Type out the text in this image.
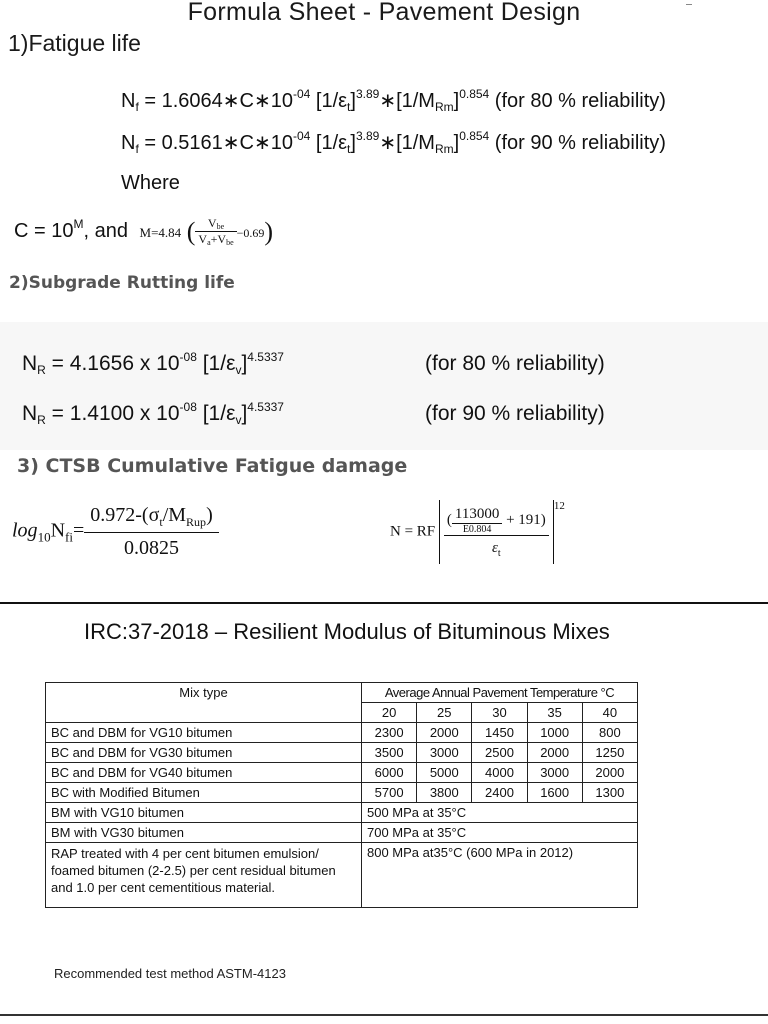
Formula Sheet - Pavement Design
1)Fatigue life
$N_f$ = $1.6064∗C∗10^{-04}$ $[1/\varepsilon_t]^{3.89}∗[1/M_{Rm}]^{0.854}$ (for 80 % reliability)
$N_f$ = $0.5161∗C∗10^{-04}$ $[1/\varepsilon_t]^{3.89}∗[1/M_{Rm}]^{0.854}$ (for 90 % reliability)
Where
$C = 10^M$, and M=4.84 ( $\frac{V_{be}}{V_a+V_{be}} -0.69$)
2)Subgrade Rutting life
$N_R = 4.1656$ x $10^{-08}$ $[1/\varepsilon_v]^{4.5337}$	(for 80 % reliability)
$N_R = 1.4100$ x $10^{-08}$ $[1/\varepsilon_v]^{4.5337}$	(for 90 % reliability)
3) CTSB Cumulative Fatigue damage
$\log_{10}N_{fi}= \frac{0.972-(\sigma_t/M_{Rup})}{0.0825}$	N = RF $\frac{( \frac{113000}{E0.804} + 191)}{\varepsilon_t} ^{12}$
IRC:37-2018 – Resilient Modulus of Bituminous Mixes
Mix type	Average Annual Pavement Temperature °C				
	20	25	30	35	40
BC and DBM for VG10 bitumen	2300	2000	1450	1000	800
BC and DBM for VG30 bitumen	3500	3000	2500	2000	1250
BC and DBM for VG40 bitumen	6000	5000	4000	3000	2000
BC with Modified Bitumen	5700	3800	2400	1600	1300
BM with VG10 bitumen	500 MPa at 35°C				
BM with VG30 bitumen	700 MPa at 35°C				
RAP treated with 4 per cent bitumen emulsion/ foamed bitumen (2-2.5) per cent residual bitumen and 1.0 per cent cementitious material.	800 MPa at35°C (600 MPa in 2012)				
Recommended test method ASTM-4123
